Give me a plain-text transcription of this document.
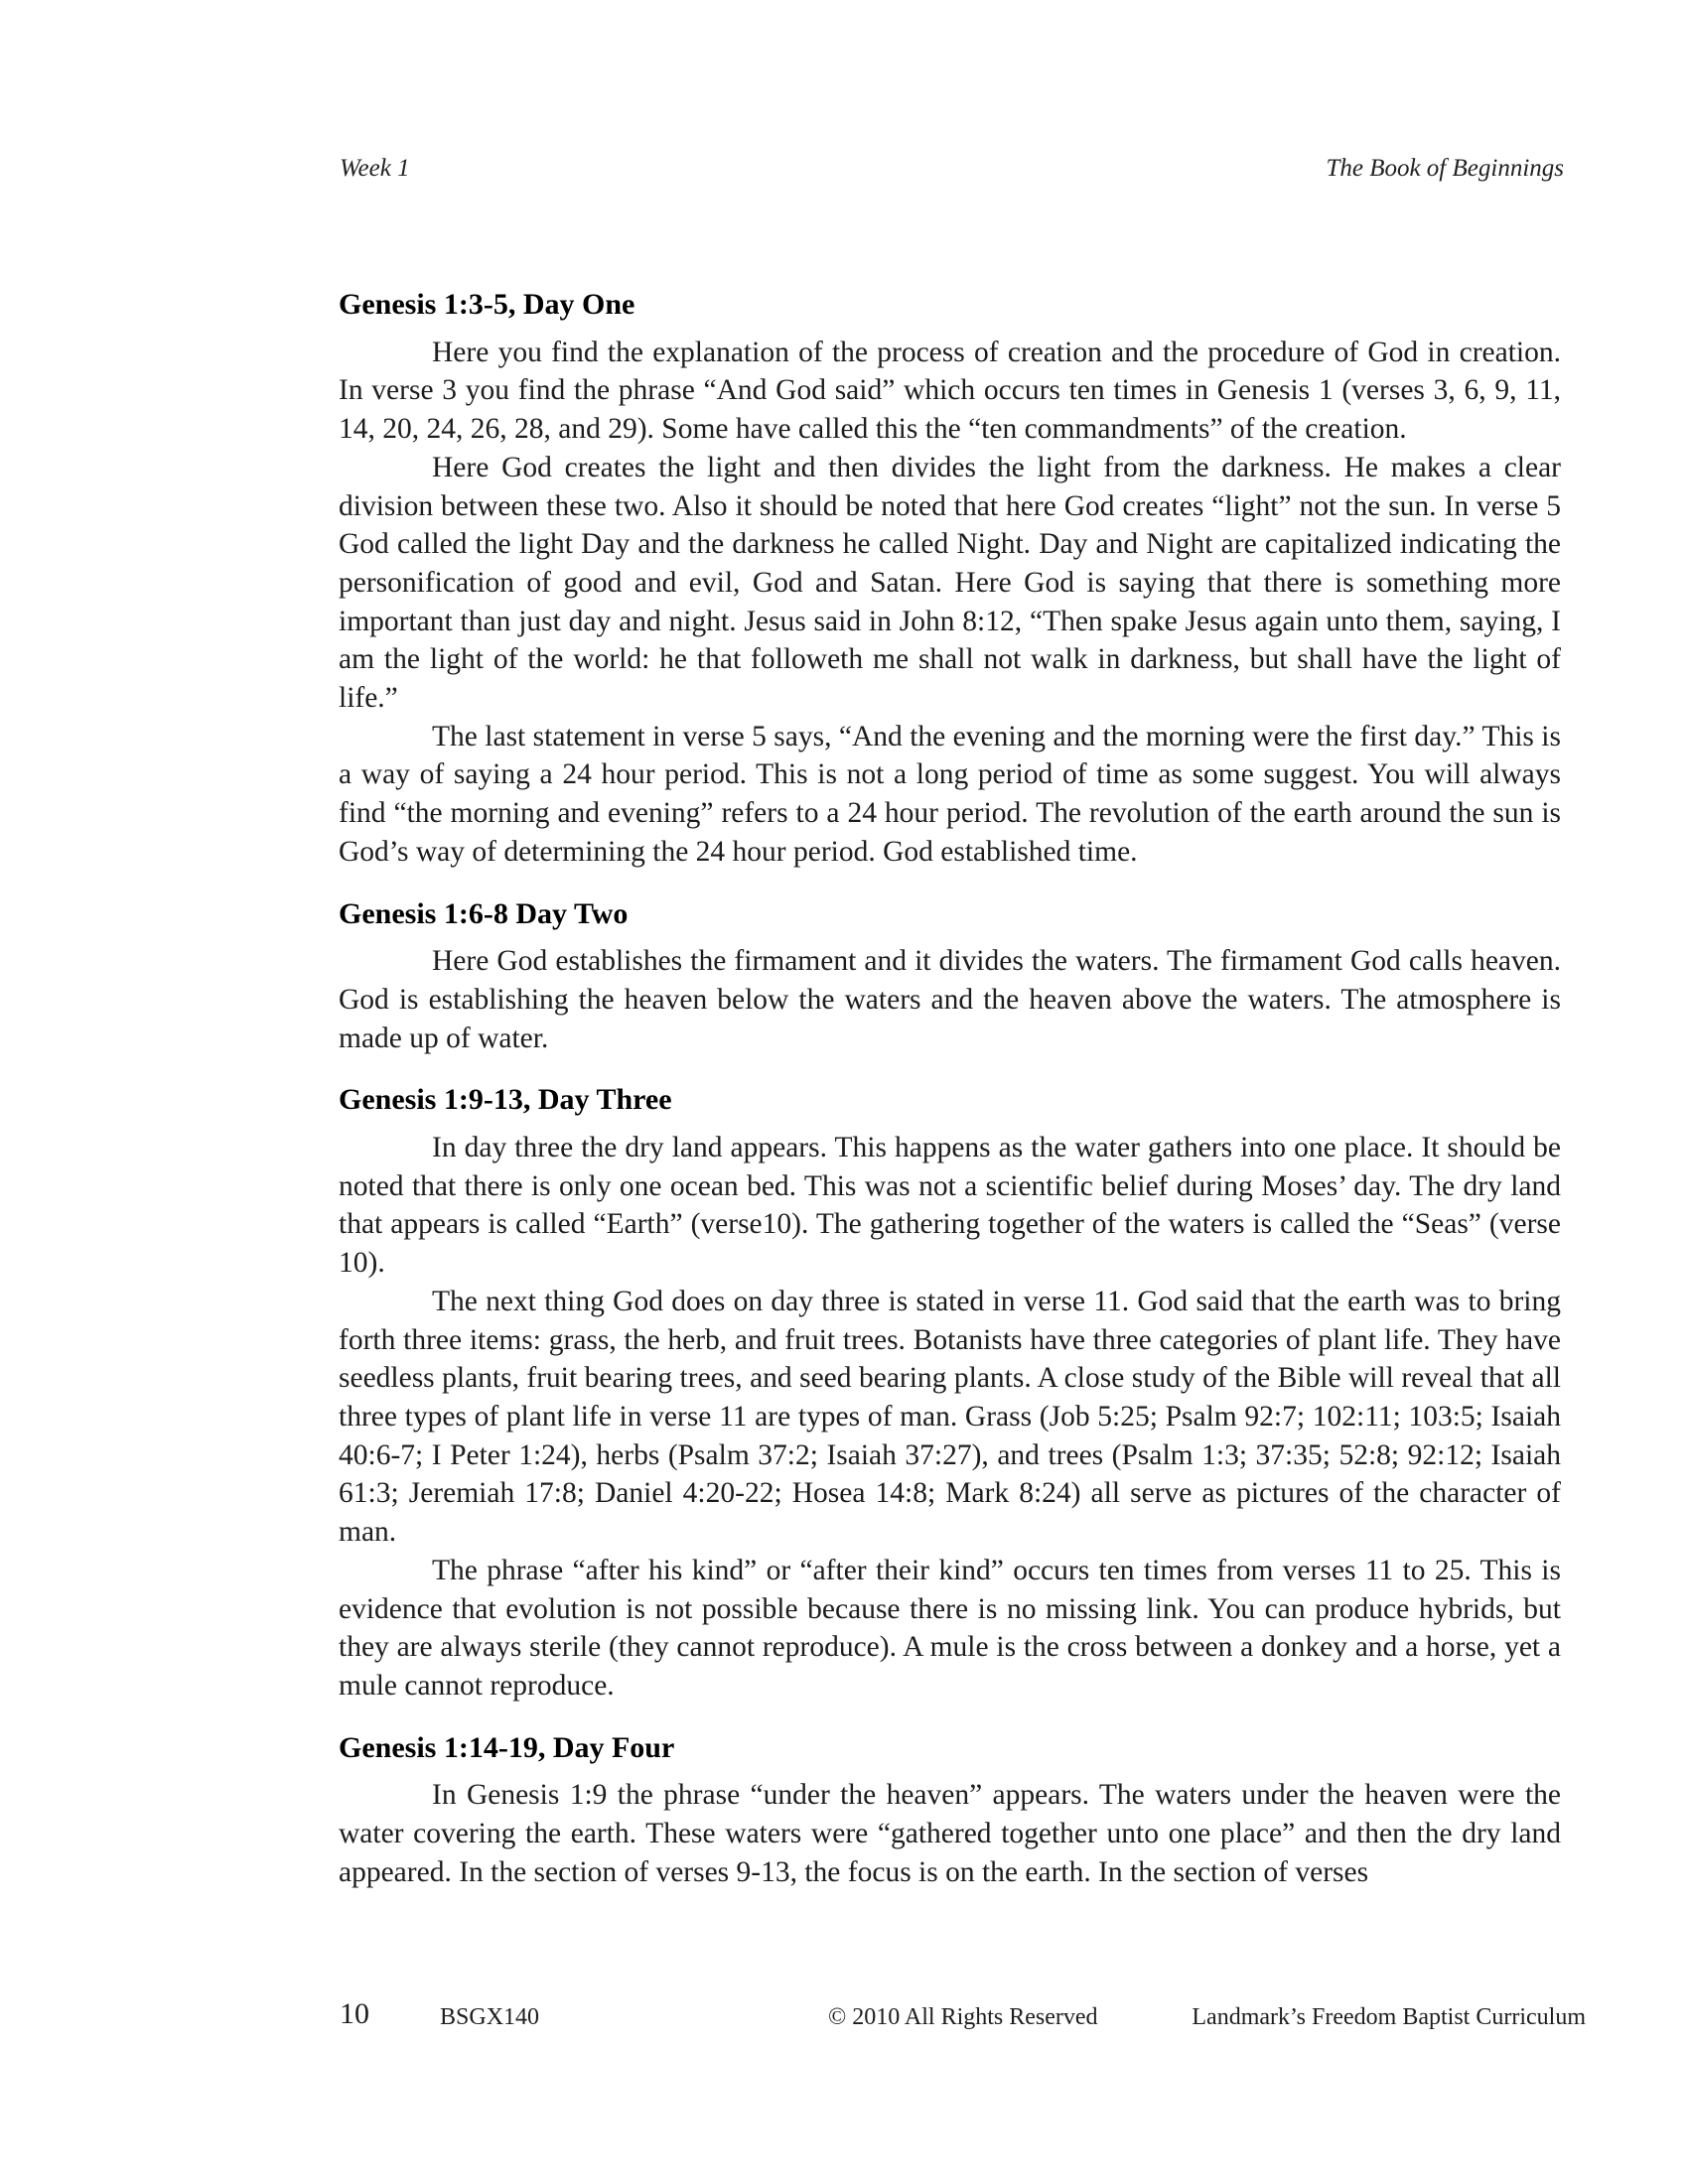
Week 1	The Book of Beginnings
Genesis 1:3-5, Day One

Here you find the explanation of the process of creation and the procedure of God in creation. In verse 3 you find the phrase “And God said” which occurs ten times in Genesis 1 (verses 3, 6, 9, 11, 14, 20, 24, 26, 28, and 29). Some have called this the “ten commandments” of the creation.

Here God creates the light and then divides the light from the darkness. He makes a clear division between these two. Also it should be noted that here God creates “light” not the sun. In verse 5 God called the light Day and the darkness he called Night. Day and Night are capitalized indicating the personification of good and evil, God and Satan. Here God is saying that there is something more important than just day and night. Jesus said in John 8:12, “Then spake Jesus again unto them, saying, I am the light of the world: he that followeth me shall not walk in darkness, but shall have the light of life.”

The last statement in verse 5 says, “And the evening and the morning were the first day.” This is a way of saying a 24 hour period. This is not a long period of time as some suggest. You will always find “the morning and evening” refers to a 24 hour period. The revolution of the earth around the sun is God’s way of determining the 24 hour period. God established time.

Genesis 1:6-8 Day Two

Here God establishes the firmament and it divides the waters. The firmament God calls heaven. God is establishing the heaven below the waters and the heaven above the waters. The atmosphere is made up of water.

Genesis 1:9-13, Day Three

In day three the dry land appears. This happens as the water gathers into one place. It should be noted that there is only one ocean bed. This was not a scientific belief during Moses’ day. The dry land that appears is called “Earth” (verse10). The gathering together of the waters is called the “Seas” (verse 10).

The next thing God does on day three is stated in verse 11. God said that the earth was to bring forth three items: grass, the herb, and fruit trees. Botanists have three categories of plant life. They have seedless plants, fruit bearing trees, and seed bearing plants. A close study of the Bible will reveal that all three types of plant life in verse 11 are types of man. Grass (Job 5:25; Psalm 92:7; 102:11; 103:5; Isaiah 40:6-7; I Peter 1:24), herbs (Psalm 37:2; Isaiah 37:27), and trees (Psalm 1:3; 37:35; 52:8; 92:12; Isaiah 61:3; Jeremiah 17:8; Daniel 4:20-22; Hosea 14:8; Mark 8:24) all serve as pictures of the character of man.

The phrase “after his kind” or “after their kind” occurs ten times from verses 11 to 25. This is evidence that evolution is not possible because there is no missing link. You can produce hybrids, but they are always sterile (they cannot reproduce). A mule is the cross between a donkey and a horse, yet a mule cannot reproduce.

Genesis 1:14-19, Day Four

In Genesis 1:9 the phrase “under the heaven” appears. The waters under the heaven were the water covering the earth. These waters were “gathered together unto one place” and then the dry land appeared. In the section of verses 9-13, the focus is on the earth. In the section of verses

10	BSGX140	© 2010 All Rights Reserved	Landmark’s Freedom Baptist Curriculum
